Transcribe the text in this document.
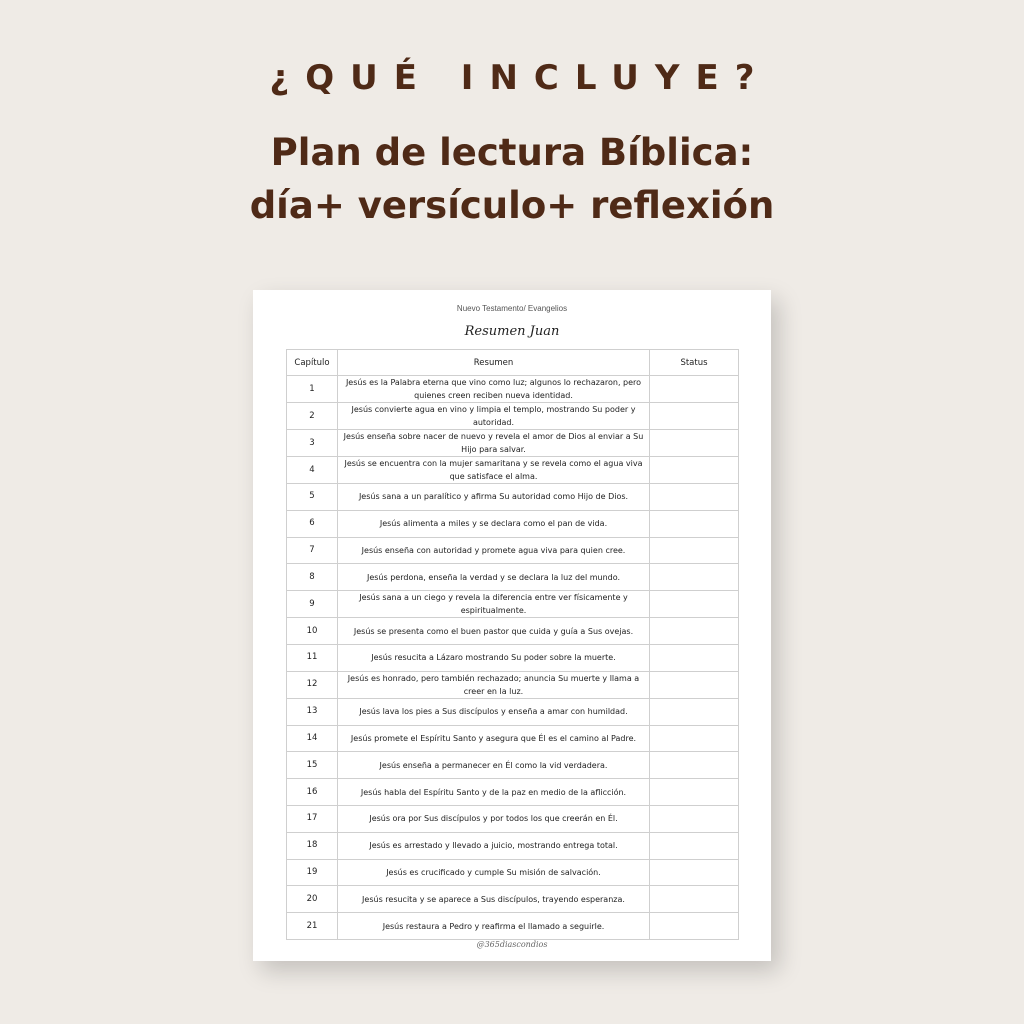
¿QUÉ INCLUYE?
Plan de lectura Bíblica:
día+ versículo+ reflexión
Nuevo Testamento/ Evangelios
Resumen Juan
Capítulo	Resumen	Status
1	Jesús es la Palabra eterna que vino como luz; algunos lo rechazaron, pero quienes creen reciben nueva identidad.	
2	Jesús convierte agua en vino y limpia el templo, mostrando Su poder y autoridad.	
3	Jesús enseña sobre nacer de nuevo y revela el amor de Dios al enviar a Su Hijo para salvar.	
4	Jesús se encuentra con la mujer samaritana y se revela como el agua viva que satisface el alma.	
5	Jesús sana a un paralítico y afirma Su autoridad como Hijo de Dios.	
6	Jesús alimenta a miles y se declara como el pan de vida.	
7	Jesús enseña con autoridad y promete agua viva para quien cree.	
8	Jesús perdona, enseña la verdad y se declara la luz del mundo.	
9	Jesús sana a un ciego y revela la diferencia entre ver físicamente y espiritualmente.	
10	Jesús se presenta como el buen pastor que cuida y guía a Sus ovejas.	
11	Jesús resucita a Lázaro mostrando Su poder sobre la muerte.	
12	Jesús es honrado, pero también rechazado; anuncia Su muerte y llama a creer en la luz.	
13	Jesús lava los pies a Sus discípulos y enseña a amar con humildad.	
14	Jesús promete el Espíritu Santo y asegura que Él es el camino al Padre.	
15	Jesús enseña a permanecer en Él como la vid verdadera.	
16	Jesús habla del Espíritu Santo y de la paz en medio de la aflicción.	
17	Jesús ora por Sus discípulos y por todos los que creerán en Él.	
18	Jesús es arrestado y llevado a juicio, mostrando entrega total.	
19	Jesús es crucificado y cumple Su misión de salvación.	
20	Jesús resucita y se aparece a Sus discípulos, trayendo esperanza.	
21	Jesús restaura a Pedro y reafirma el llamado a seguirle.	
@365diascondios
